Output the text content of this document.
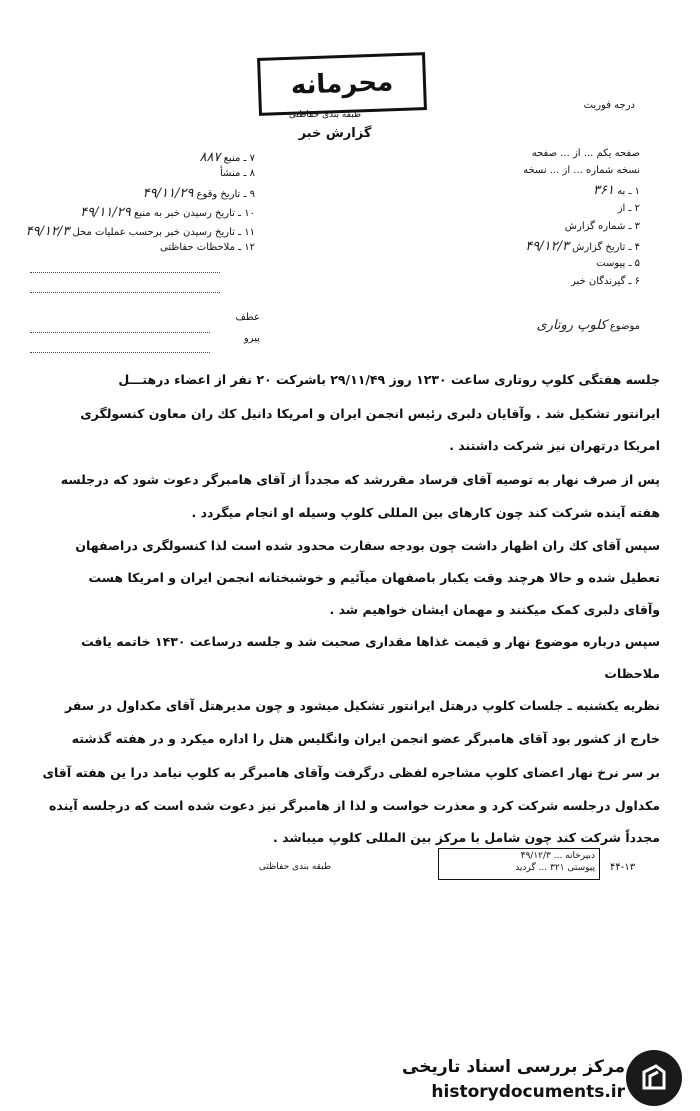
محرمانه
درجه فوریت
طبقه بندی حفاظتی
گزارش خبر
صفحه یکم ... از ... صفحه
نسخه شماره ... از ... نسخه
۱ ـ به ۳۶۱
۲ ـ از
۳ ـ شماره گزارش
۴ ـ تاریخ گزارش ۴۹/۱۲/۳
۵ ـ پیوست
۶ ـ گیرندگان خبر
۷ ـ منبع ۸۸۷
۸ ـ منشأ
۹ ـ تاریخ وقوع ۴۹/۱۱/۲۹
۱۰ ـ تاریخ رسیدن خبر به منبع ۴۹/۱۱/۲۹
۱۱ ـ تاریخ رسیدن خبر برحسب عملیات محل ۴۹/۱۲/۳
۱۲ ـ ملاحظات حفاظتی
موضوع کلوپ روتاری
عطف
پیرو
جلسه هفتگی کلوپ روتاری ساعت ۱۲۳۰ روز ۲۹/۱۱/۴۹ باشرکت ۲۰ نفر از اعضاء درهتـــل
ایرانتور تشکیل شد . وآقایان دلبری رئیس انجمن ایران و امریکا دانیل کك ران معاون کنسولگری
امریکا درتهران نیز شرکت داشتند .
پس از صرف نهار به توصیه آقای فرساد مقررشد که مجدداً از آقای هامبرگر دعوت شود که درجلسه
هفته آینده شرکت کند چون کارهای بین المللی کلوپ وسیله او انجام میگردد .
سپس آقای کك ران اظهار داشت چون بودجه سفارت محدود شده است لذا کنسولگری دراصفهان
تعطیل شده و حالا هرچند وقت یکبار باصفهان میآئیم و خوشبختانه انجمن ایران و امریکا هست
وآقای دلبری کمک میکنند و مهمان ایشان خواهیم شد .
سپس درباره موضوع نهار و قیمت غذاها مقداری صحبت شد و جلسه درساعت ۱۴۳۰ خاتمه یافت
ملاحظات
نظریه یکشنبه ـ جلسات کلوپ درهتل ایرانتور تشکیل میشود و چون مدیرهتل آقای مکداول در سفر
خارج از کشور بود آقای هامبرگر عضو انجمن ایران وانگلیس هتل را اداره میکرد و در هفته گذشته
بر سر نرخ نهار اعضای کلوپ مشاجره لفظی درگرفت وآقای هامبرگر به کلوپ نیامد درا ین هفته آقای
مکداول درجلسه شرکت کرد و معذرت خواست و لذا از هامبرگر نیز دعوت شده است که درجلسه آینده
مجدداً شرکت کند چون شامل با مرکز بین المللی کلوپ میباشد .
طبقه بندی حفاظتی
دبیرخانه ... ۴۹/۱۲/۳
پیوستی ۳۲۱ ... گردید	۴۴-۱۳
مرکز بررسی اسناد تاریخی
historydocuments.ir
